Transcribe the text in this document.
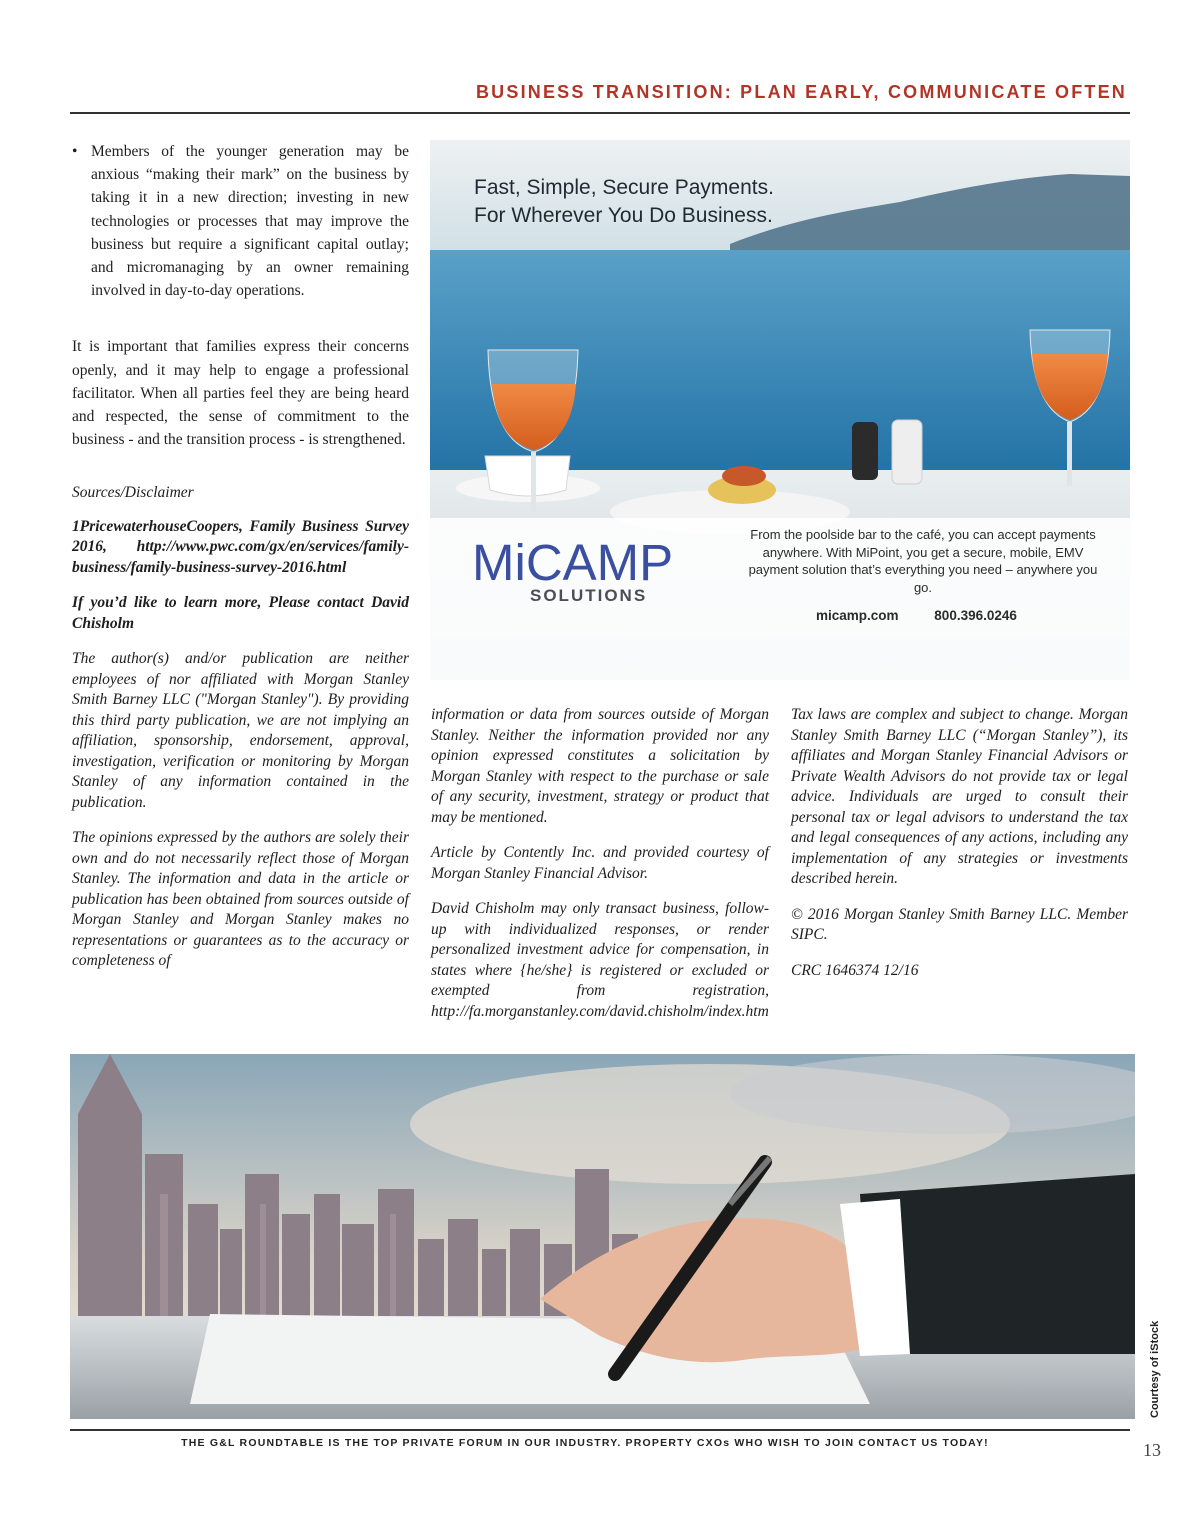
BUSINESS TRANSITION: PLAN EARLY, COMMUNICATE OFTEN

• Members of the younger generation may be anxious “making their mark” on the business by taking it in a new direction; investing in new technologies or processes that may improve the business but require a significant capital outlay; and micromanaging by an owner remaining involved in day-to-day operations.

It is important that families express their concerns openly, and it may help to engage a professional facilitator. When all parties feel they are being heard and respected, the sense of commitment to the business - and the transition process - is strengthened.

Sources/Disclaimer

1PricewaterhouseCoopers, Family Business Survey 2016, http://www.pwc.com/gx/en/services/family-business/family-business-survey-2016.html

If you’d like to learn more, Please contact David Chisholm

The author(s) and/or publication are neither employees of nor affiliated with Morgan Stanley Smith Barney LLC ("Morgan Stanley"). By providing this third party publication, we are not implying an affiliation, sponsorship, endorsement, approval, investigation, verification or monitoring by Morgan Stanley of any information contained in the publication.

The opinions expressed by the authors are solely their own and do not necessarily reflect those of Morgan Stanley. The information and data in the article or publication has been obtained from sources outside of Morgan Stanley and Morgan Stanley makes no representations or guarantees as to the accuracy or completeness of

Fast, Simple, Secure Payments.
For Wherever You Do Business.
MiCAMP
SOLUTIONS
From the poolside bar to the café, you can accept payments anywhere. With MiPoint, you get a secure, mobile, EMV payment solution that’s everything you need – anywhere you go.
micamp.com	800.396.0246

information or data from sources outside of Morgan Stanley. Neither the information provided nor any opinion expressed constitutes a solicitation by Morgan Stanley with respect to the purchase or sale of any security, investment, strategy or product that may be mentioned.

Article by Contently Inc. and provided courtesy of Morgan Stanley Financial Advisor.

David Chisholm may only transact business, follow-up with individualized responses, or render personalized investment advice for compensation, in states where {he/she} is registered or excluded or exempted from registration, http://fa.morganstanley.com/david.chisholm/index.htm

Tax laws are complex and subject to change. Morgan Stanley Smith Barney LLC (“Morgan Stanley”), its affiliates and Morgan Stanley Financial Advisors or Private Wealth Advisors do not provide tax or legal advice. Individuals are urged to consult their personal tax or legal advisors to understand the tax and legal consequences of any actions, including any implementation of any strategies or investments described herein.

© 2016 Morgan Stanley Smith Barney LLC. Member SIPC.

CRC 1646374 12/16

Courtesy of iStock
THE G&L ROUNDTABLE IS THE TOP PRIVATE FORUM IN OUR INDUSTRY. PROPERTY CXOs WHO WISH TO JOIN CONTACT US TODAY!	13
